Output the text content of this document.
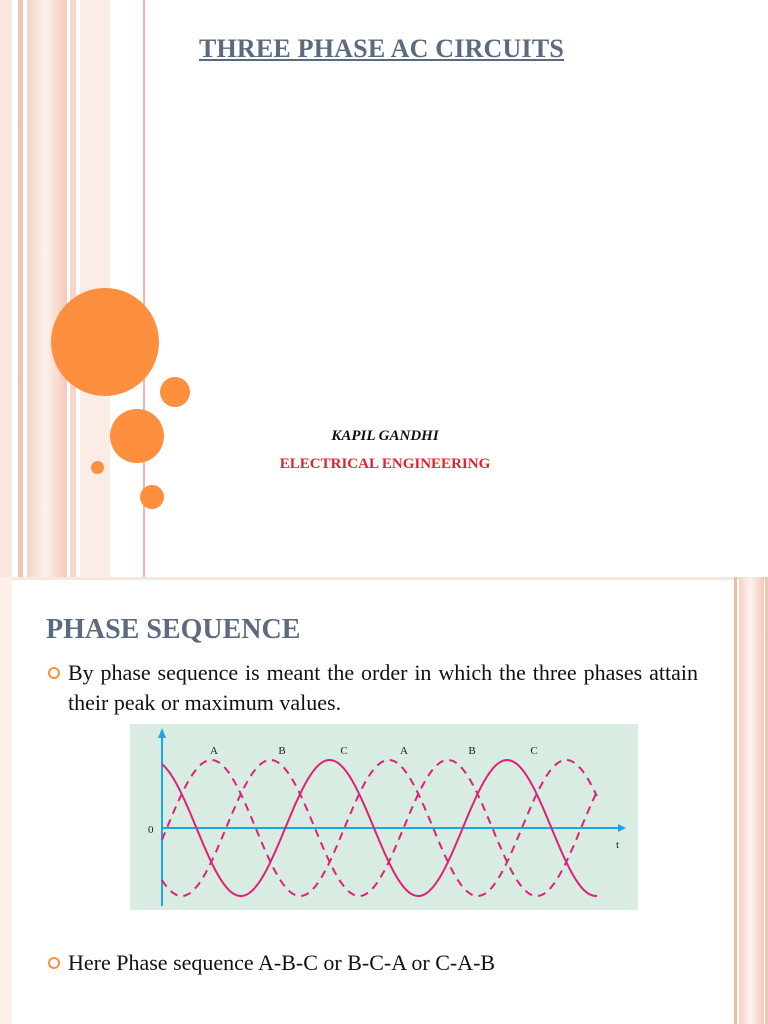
THREE PHASE AC CIRCUITS
KAPIL GANDHI
ELECTRICAL ENGINEERING
PHASE SEQUENCE
By phase sequence is meant the order in which the three phases attain their peak or maximum values.
0
t
A	B	C	A	B	C
Here Phase sequence A-B-C or B-C-A or C-A-B
